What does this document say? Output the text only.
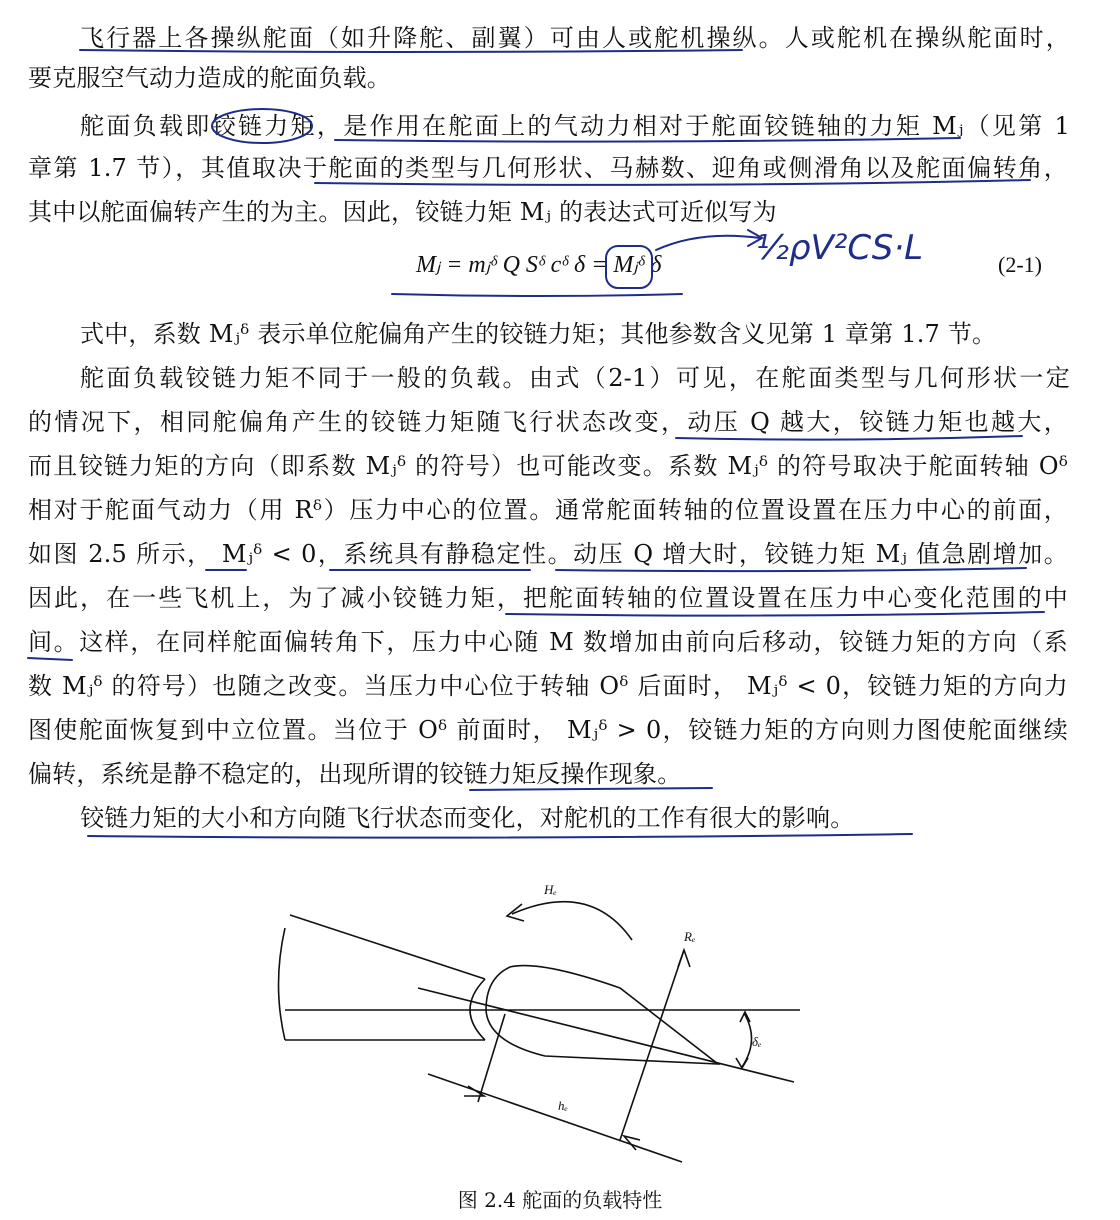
飞行器上各操纵舵面（如升降舵、副翼）可由人或舵机操纵。人或舵机在操纵舵面时，
要克服空气动力造成的舵面负载。
舵面负载即铰链力矩，是作用在舵面上的气动力相对于舵面铰链轴的力矩 Mⱼ（见第 1
章第 1.7 节），其值取决于舵面的类型与几何形状、马赫数、迎角或侧滑角以及舵面偏转角，
其中以舵面偏转产生的为主。因此，铰链力矩 Mⱼ 的表达式可近似写为
Mⱼ = mⱼᵟ Q Sᵟ cᵟ δ = Mⱼᵟ δ	(2-1)
½ρV²CS·L
式中，系数 Mⱼᵟ 表示单位舵偏角产生的铰链力矩；其他参数含义见第 1 章第 1.7 节。
舵面负载铰链力矩不同于一般的负载。由式（2-1）可见，在舵面类型与几何形状一定
的情况下，相同舵偏角产生的铰链力矩随飞行状态改变，动压 Q 越大，铰链力矩也越大，
而且铰链力矩的方向（即系数 Mⱼᵟ 的符号）也可能改变。系数 Mⱼᵟ 的符号取决于舵面转轴 Oᵟ
相对于舵面气动力（用 Rᵟ）压力中心的位置。通常舵面转轴的位置设置在压力中心的前面，
如图 2.5 所示， Mⱼᵟ < 0，系统具有静稳定性。动压 Q 增大时，铰链力矩 Mⱼ 值急剧增加。
因此，在一些飞机上，为了减小铰链力矩，把舵面转轴的位置设置在压力中心变化范围的中
间。这样，在同样舵面偏转角下，压力中心随 M 数增加由前向后移动，铰链力矩的方向（系
数 Mⱼᵟ 的符号）也随之改变。当压力中心位于转轴 Oᵟ 后面时， Mⱼᵟ < 0，铰链力矩的方向力
图使舵面恢复到中立位置。当位于 Oᵟ 前面时， Mⱼᵟ > 0，铰链力矩的方向则力图使舵面继续
偏转，系统是静不稳定的，出现所谓的铰链力矩反操作现象。
铰链力矩的大小和方向随飞行状态而变化，对舵机的工作有很大的影响。
Hₑ
Rₑ
δₑ
hₑ
图 2.4 舵面的负载特性
